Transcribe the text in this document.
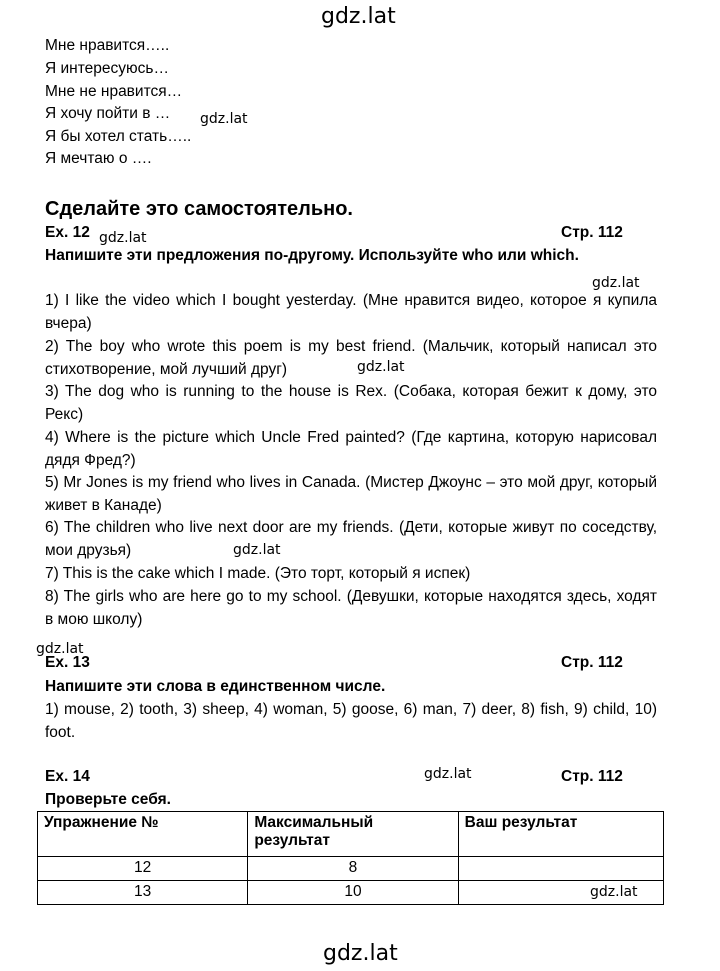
gdz.lat
Мне нравится…..
Я интересуюсь…
Мне не нравится…
Я хочу пойти в … gdz.lat
Я бы хотел стать…..
Я мечтаю о ….
Сделайте это самостоятельно.
Ex. 12 gdz.lat	Стр. 112
Напишите эти предложения по-другому. Используйте who или which.
gdz.lat
1) I like the video which I bought yesterday. (Мне нравится видео, которое я купила вчера)
2) The boy who wrote this poem is my best friend. (Мальчик, который написал это стихотворение, мой лучший друг)	gdz.lat
3) The dog who is running to the house is Rex. (Собака, которая бежит к дому, это Рекс)
4) Where is the picture which Uncle Fred painted? (Где картина, которую нарисовал дядя Фред?)
5) Mr Jones is my friend who lives in Canada. (Мистер Джоунс – это мой друг, который живет в Канаде)
6) The children who live next door are my friends. (Дети, которые живут по соседству, мои друзья)	gdz.lat
7) This is the cake which I made. (Это торт, который я испек)
8) The girls who are here go to my school. (Девушки, которые находятся здесь, ходят в мою школу)
gdz.lat
Ex. 13	Стр. 112
Напишите эти слова в единственном числе.
1) mouse, 2) tooth, 3) sheep, 4) woman, 5) goose, 6) man, 7) deer, 8) fish, 9) child, 10) foot.
Ex. 14	gdz.lat	Стр. 112
Проверьте себя.
Упражнение №	Максимальный результат	Ваш результат
12	8	
13	10		gdz.lat
gdz.lat
